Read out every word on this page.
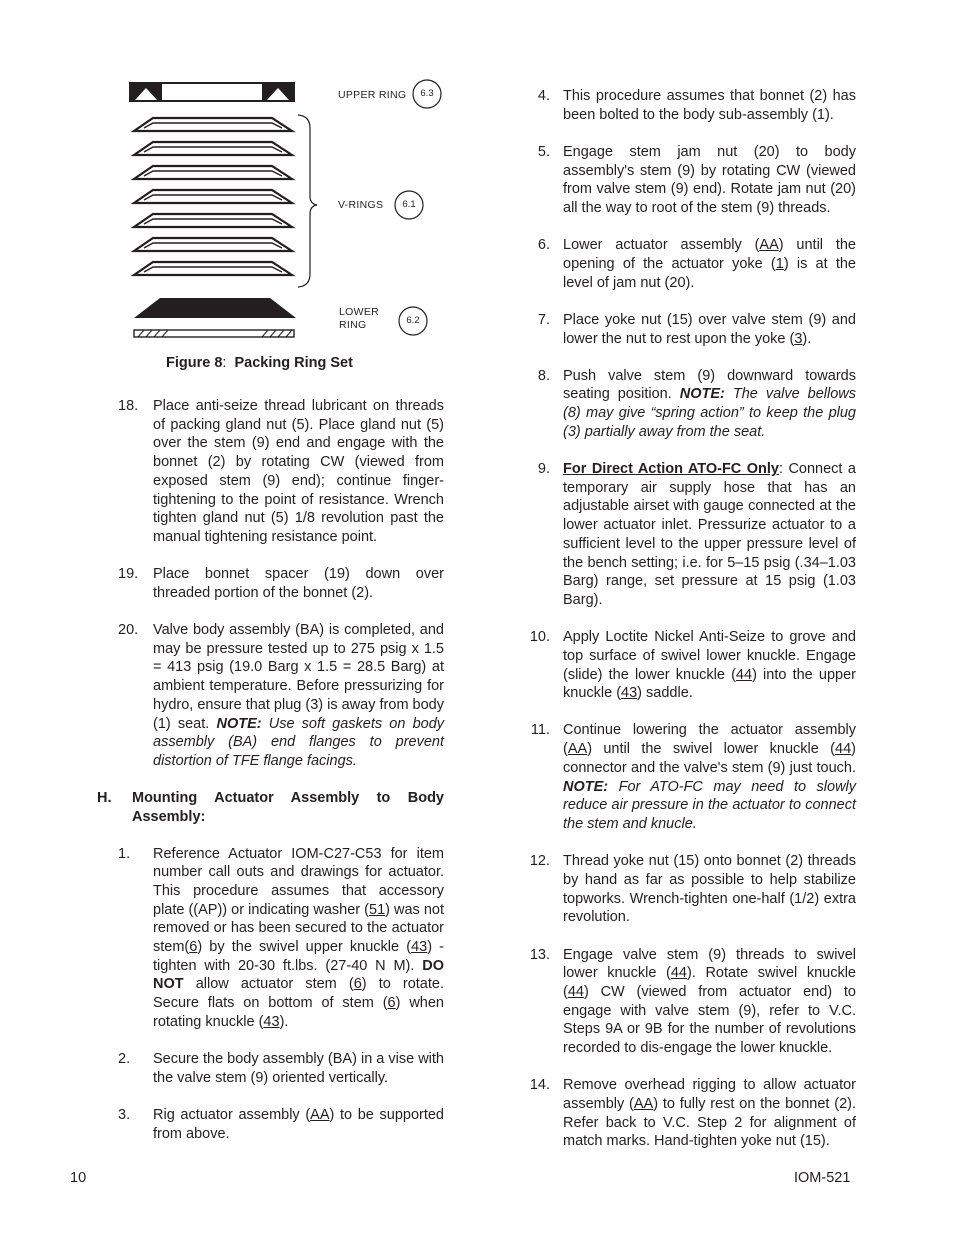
UPPER RING	6.3
V-RINGS	6.1
LOWER
RING	6.2
Figure 8: Packing Ring Set
18. Place anti-seize thread lubricant on threads of packing gland nut (5). Place gland nut (5) over the stem (9) end and engage with the bonnet (2) by rotating CW (viewed from exposed stem (9) end); continue finger-tightening to the point of resistance. Wrench tighten gland nut (5) 1/8 revolution past the manual tightening resistance point.
19. Place bonnet spacer (19) down over threaded portion of the bonnet (2).
20. Valve body assembly (BA) is completed, and may be pressure tested up to 275 psig x 1.5 = 413 psig (19.0 Barg x 1.5 = 28.5 Barg) at ambient temperature. Before pressurizing for hydro, ensure that plug (3) is away from body (1) seat. NOTE: Use soft gaskets on body assembly (BA) end flanges to prevent distortion of TFE flange facings.
H.	Mounting Actuator Assembly to Body Assembly:
1. Reference Actuator IOM-C27-C53 for item number call outs and drawings for actuator. This procedure assumes that accessory plate ((AP)) or indicating washer (51) was not removed or has been secured to the actuator stem(6) by the swivel upper knuckle (43) - tighten with 20-30 ft.lbs. (27-40 N M). DO NOT allow actuator stem (6) to rotate. Secure flats on bottom of stem (6) when rotating knuckle (43).
2. Secure the body assembly (BA) in a vise with the valve stem (9) oriented vertically.
3. Rig actuator assembly (AA) to be supported from above.
4. This procedure assumes that bonnet (2) has been bolted to the body sub-assembly (1).
5. Engage stem jam nut (20) to body assembly's stem (9) by rotating CW (viewed from valve stem (9) end). Rotate jam nut (20) all the way to root of the stem (9) threads.
6. Lower actuator assembly (AA) until the opening of the actuator yoke (1) is at the level of jam nut (20).
7. Place yoke nut (15) over valve stem (9) and lower the nut to rest upon the yoke (3).
8. Push valve stem (9) downward towards seating position. NOTE: The valve bellows (8) may give “spring action” to keep the plug (3) partially away from the seat.
9. For Direct Action ATO-FC Only: Connect a temporary air supply hose that has an adjustable airset with gauge connected at the lower actuator inlet. Pressurize actuator to a sufficient level to the upper pressure level of the bench setting; i.e. for 5–15 psig (.34–1.03 Barg) range, set pressure at 15 psig (1.03 Barg).
10. Apply Loctite Nickel Anti-Seize to grove and top surface of swivel lower knuckle. Engage (slide) the lower knuckle (44) into the upper knuckle (43) saddle.
11. Continue lowering the actuator assembly (AA) until the swivel lower knuckle (44) connector and the valve's stem (9) just touch. NOTE: For ATO-FC may need to slowly reduce air pressure in the actuator to connect the stem and knucle.
12. Thread yoke nut (15) onto bonnet (2) threads by hand as far as possible to help stabilize topworks. Wrench-tighten one-half (1/2) extra revolution.
13. Engage valve stem (9) threads to swivel lower knuckle (44). Rotate swivel knuckle (44) CW (viewed from actuator end) to engage with valve stem (9), refer to V.C. Steps 9A or 9B for the number of revolutions recorded to dis-engage the lower knuckle.
14. Remove overhead rigging to allow actuator assembly (AA) to fully rest on the bonnet (2). Refer back to V.C. Step 2 for alignment of match marks. Hand-tighten yoke nut (15).
10	IOM-521
